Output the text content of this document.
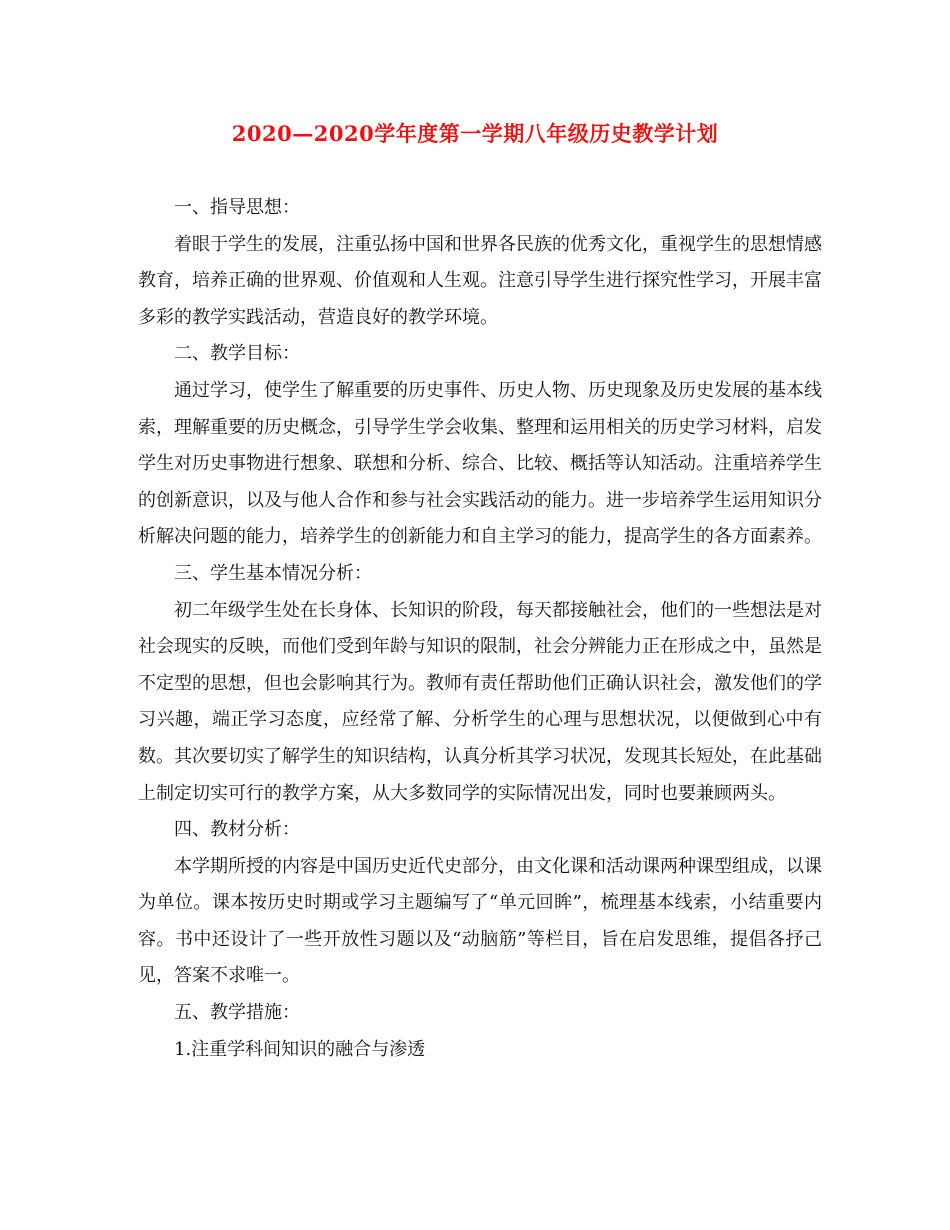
2020—2020学年度第一学期八年级历史教学计划

一、指导思想：

着眼于学生的发展，注重弘扬中国和世界各民族的优秀文化，重视学生的思想情感教育，培养正确的世界观、价值观和人生观。注意引导学生进行探究性学习，开展丰富多彩的教学实践活动，营造良好的教学环境。

二、教学目标：

通过学习，使学生了解重要的历史事件、历史人物、历史现象及历史发展的基本线索，理解重要的历史概念，引导学生学会收集、整理和运用相关的历史学习材料，启发学生对历史事物进行想象、联想和分析、综合、比较、概括等认知活动。注重培养学生的创新意识，以及与他人合作和参与社会实践活动的能力。进一步培养学生运用知识分析解决问题的能力，培养学生的创新能力和自主学习的能力，提高学生的各方面素养。

三、学生基本情况分析：

初二年级学生处在长身体、长知识的阶段，每天都接触社会，他们的一些想法是对社会现实的反映，而他们受到年龄与知识的限制，社会分辨能力正在形成之中，虽然是不定型的思想，但也会影响其行为。教师有责任帮助他们正确认识社会，激发他们的学习兴趣，端正学习态度，应经常了解、分析学生的心理与思想状况，以便做到心中有数。其次要切实了解学生的知识结构，认真分析其学习状况，发现其长短处，在此基础上制定切实可行的教学方案，从大多数同学的实际情况出发，同时也要兼顾两头。

四、教材分析：

本学期所授的内容是中国历史近代史部分，由文化课和活动课两种课型组成，以课为单位。课本按历史时期或学习主题编写了“单元回眸”，梳理基本线索，小结重要内容。书中还设计了一些开放性习题以及“动脑筋”等栏目，旨在启发思维，提倡各抒己见，答案不求唯一。

五、教学措施：

1.注重学科间知识的融合与渗透
